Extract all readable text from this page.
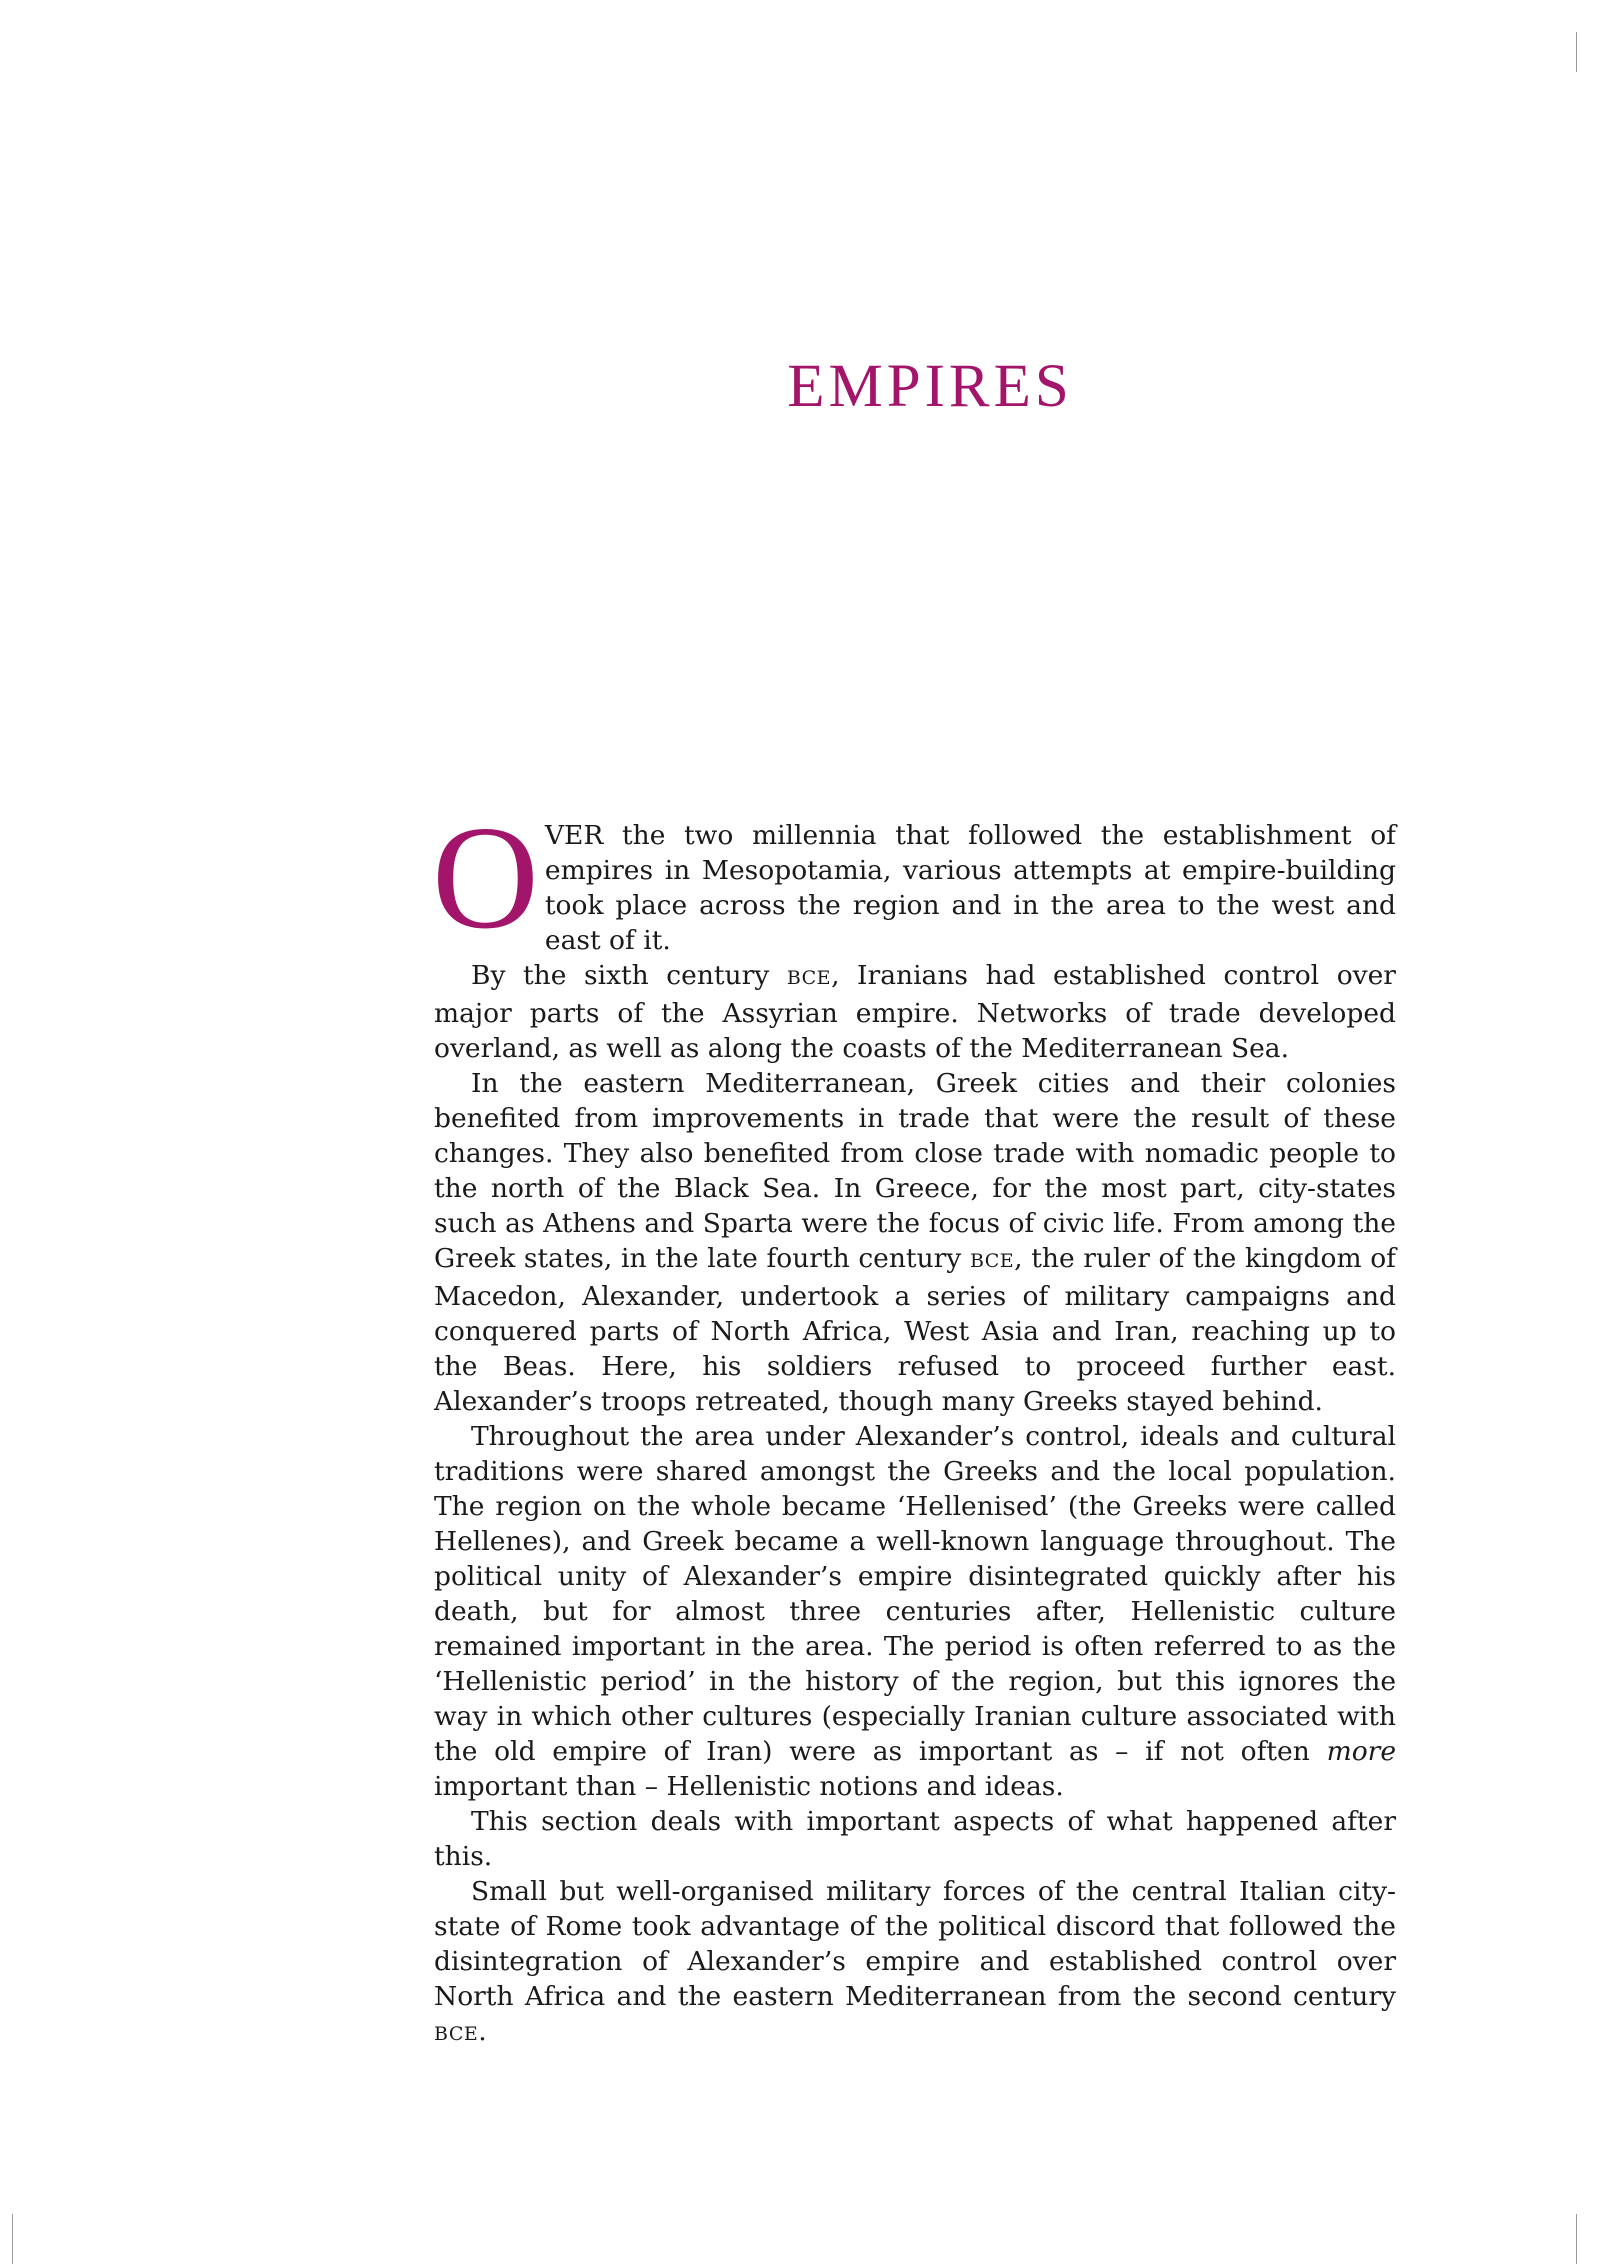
EMPIRES

OVER the two millennia that followed the establishment of empires in Mesopotamia, various attempts at empire-building took place across the region and in the area to the west and east of it.

By the sixth century BCE, Iranians had established control over major parts of the Assyrian empire. Networks of trade developed overland, as well as along the coasts of the Mediterranean Sea.

In the eastern Mediterranean, Greek cities and their colonies benefited from improvements in trade that were the result of these changes. They also benefited from close trade with nomadic people to the north of the Black Sea. In Greece, for the most part, city-states such as Athens and Sparta were the focus of civic life. From among the Greek states, in the late fourth century BCE, the ruler of the kingdom of Macedon, Alexander, undertook a series of military campaigns and conquered parts of North Africa, West Asia and Iran, reaching up to the Beas. Here, his soldiers refused to proceed further east. Alexander’s troops retreated, though many Greeks stayed behind.

Throughout the area under Alexander’s control, ideals and cultural traditions were shared amongst the Greeks and the local population. The region on the whole became ‘Hellenised’ (the Greeks were called Hellenes), and Greek became a well-known language throughout. The political unity of Alexander’s empire disintegrated quickly after his death, but for almost three centuries after, Hellenistic culture remained important in the area. The period is often referred to as the ‘Hellenistic period’ in the history of the region, but this ignores the way in which other cultures (especially Iranian culture associated with the old empire of Iran) were as important as – if not often more important than – Hellenistic notions and ideas.

This section deals with important aspects of what happened after this.

Small but well-organised military forces of the central Italian city-state of Rome took advantage of the political discord that followed the disintegration of Alexander’s empire and established control over North Africa and the eastern Mediterranean from the second century BCE.
